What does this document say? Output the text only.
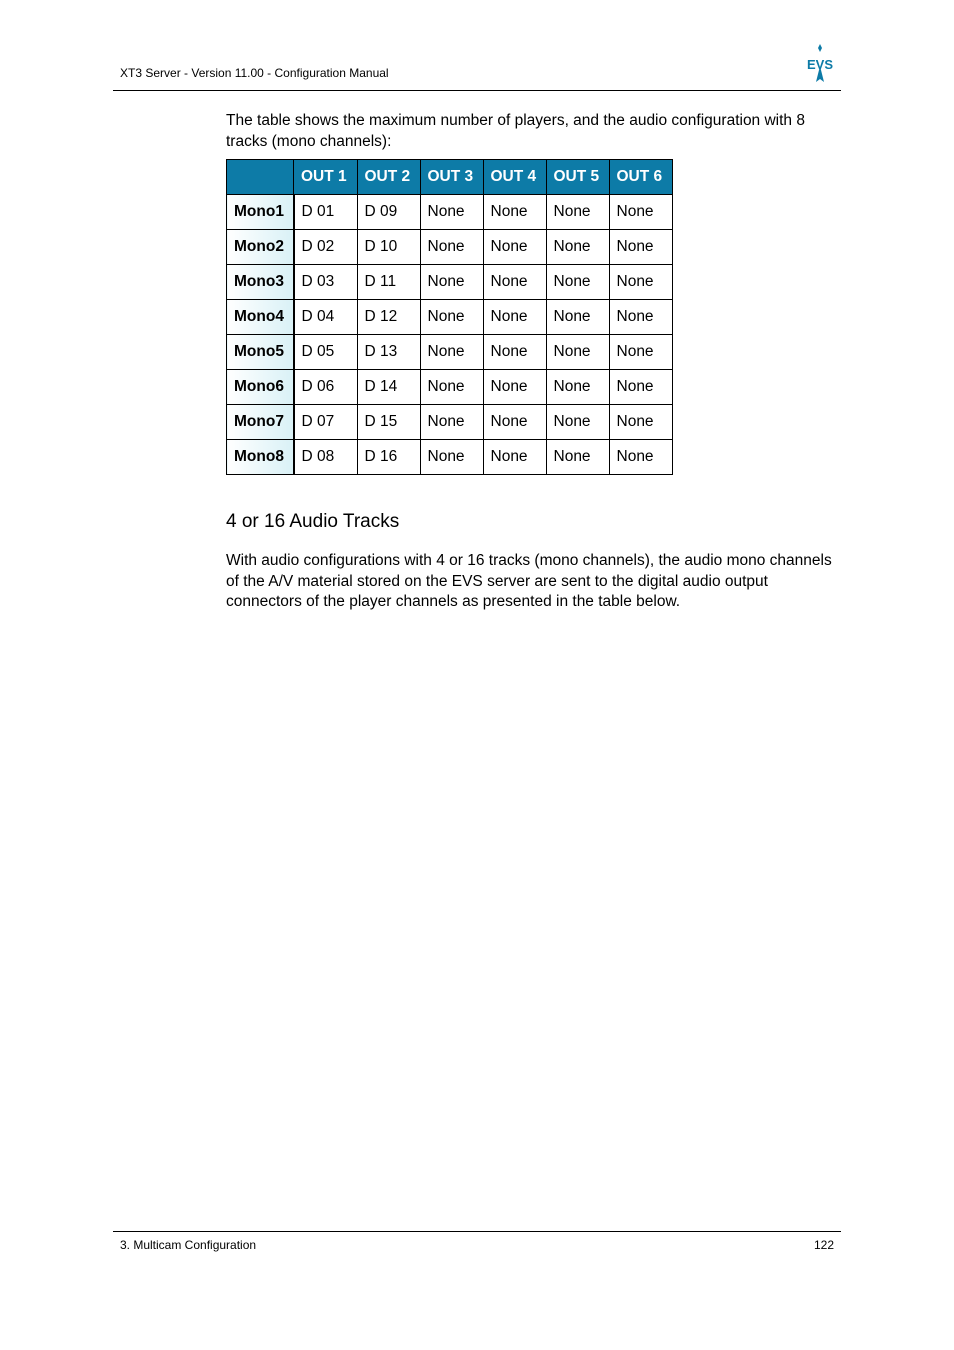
XT3 Server - Version 11.00 - Configuration Manual
EVS
The table shows the maximum number of players, and the audio configuration with 8 tracks (mono channels):
	OUT 1	OUT 2	OUT 3	OUT 4	OUT 5	OUT 6
Mono1	D 01	D 09	None	None	None	None
Mono2	D 02	D 10	None	None	None	None
Mono3	D 03	D 11	None	None	None	None
Mono4	D 04	D 12	None	None	None	None
Mono5	D 05	D 13	None	None	None	None
Mono6	D 06	D 14	None	None	None	None
Mono7	D 07	D 15	None	None	None	None
Mono8	D 08	D 16	None	None	None	None
4 or 16 Audio Tracks
With audio configurations with 4 or 16 tracks (mono channels), the audio mono channels of the A/V material stored on the EVS server are sent to the digital audio output connectors of the player channels as presented in the table below.
3. Multicam Configuration	122
